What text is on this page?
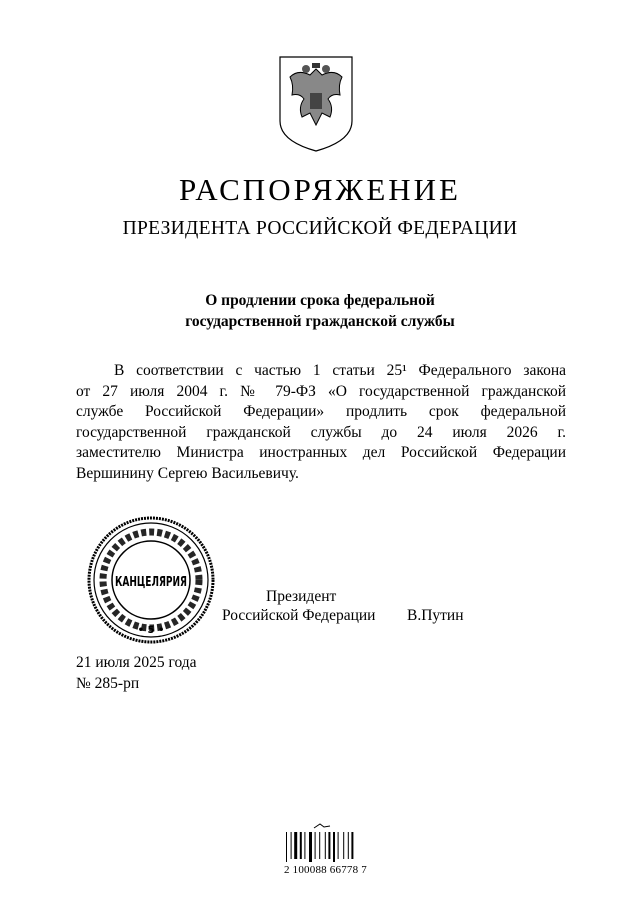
РАСПОРЯЖЕНИЕ
ПРЕЗИДЕНТА РОССИЙСКОЙ ФЕДЕРАЦИИ
О продлении срока федеральной
государственной гражданской службы
В соответствии с частью 1 статьи 25¹ Федерального закона
от 27 июля 2004 г. № 79-ФЗ «О государственной гражданской
службе Российской Федерации» продлить срок федеральной
государственной гражданской службы до 24 июля 2026 г.
заместителю Министра иностранных дел Российской Федерации
Вершинину Сергею Васильевичу.
Президент
Российской Федерации В.Путин
КАНЦЕЛЯРИЯ
• 5 •
21 июля 2025 года
№ 285-рп
2 100088 66778 7
